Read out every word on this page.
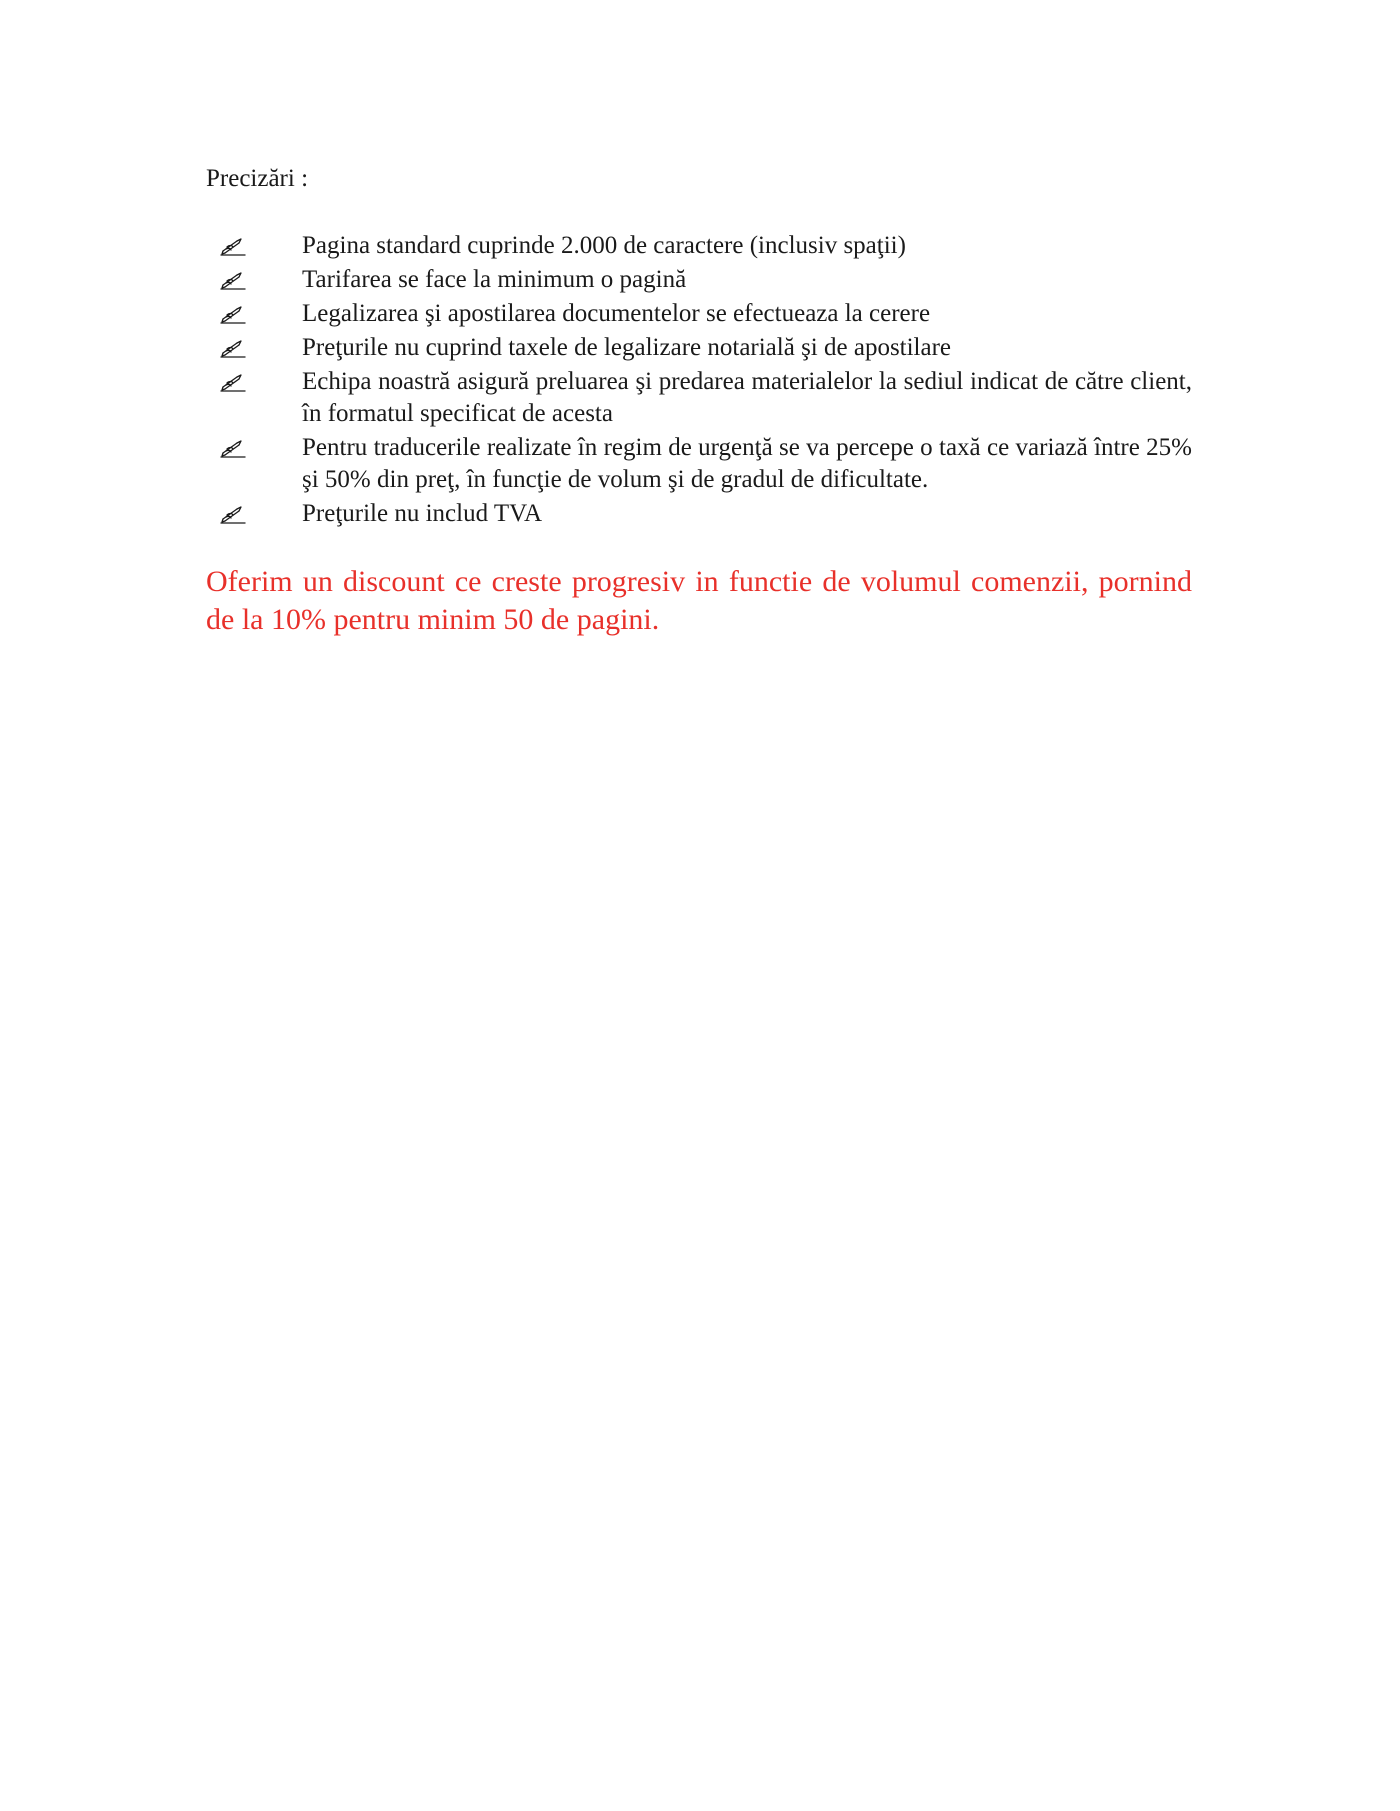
Precizări :
Pagina standard cuprinde 2.000 de caractere (inclusiv spaţii)
Tarifarea se face la minimum o pagină
Legalizarea şi apostilarea documentelor se efectueaza la cerere
Preţurile nu cuprind taxele de legalizare notarială şi de apostilare
Echipa noastră asigură preluarea şi predarea materialelor la sediul indicat de către client, în formatul specificat de acesta
Pentru traducerile realizate în regim de urgenţă se va percepe o taxă ce variază între 25% şi 50% din preţ, în funcţie de volum şi de gradul de dificultate.
Preţurile nu includ TVA

Oferim un discount ce creste progresiv in functie de volumul comenzii, pornind de la 10% pentru minim 50 de pagini.
